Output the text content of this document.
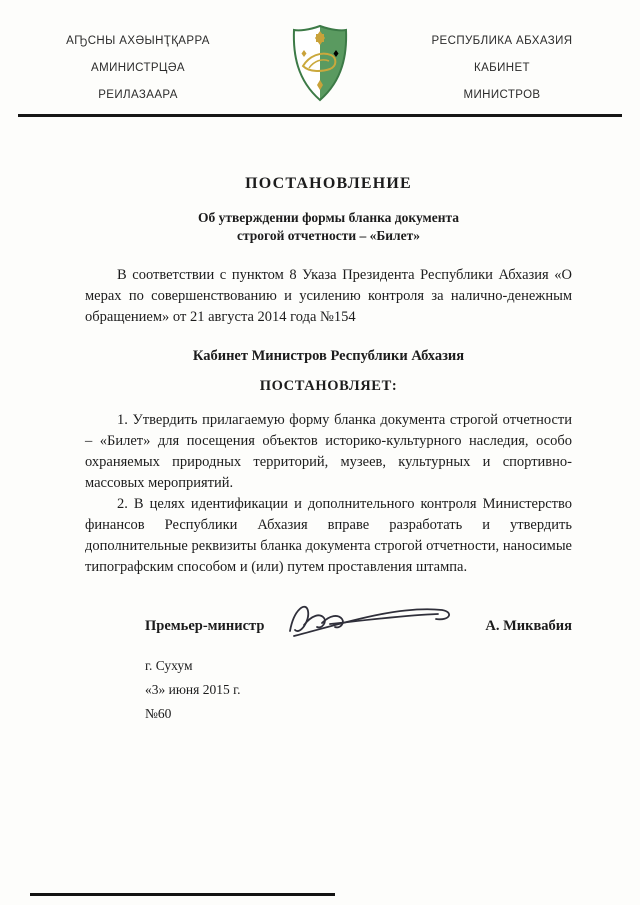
АҦСНЫ АХӘЫНҬҚАРРА
АМИНИСТРЦӘА
РЕИЛАЗААРА
РЕСПУБЛИКА АБХАЗИЯ
КАБИНЕТ
МИНИСТРОВ
ПОСТАНОВЛЕНИЕ
Об утверждении формы бланка документа
строгой отчетности – «Билет»
В соответствии с пунктом 8 Указа Президента Республики Абхазия «О мерах по совершенствованию и усилению контроля за налично-денежным обращением» от 21 августа 2014 года №154
Кабинет Министров Республики Абхазия
ПОСТАНОВЛЯЕТ:
1. Утвердить прилагаемую форму бланка документа строгой отчетности – «Билет» для посещения объектов историко-культурного наследия, особо охраняемых природных территорий, музеев, культурных и спортивно-массовых мероприятий.
2. В целях идентификации и дополнительного контроля Министерство финансов Республики Абхазия вправе разработать и утвердить дополнительные реквизиты бланка документа строгой отчетности, наносимые типографским способом и (или) путем проставления штампа.
Премьер-министр	А. Миквабия
г. Сухум
«3» июня 2015 г.
№60
